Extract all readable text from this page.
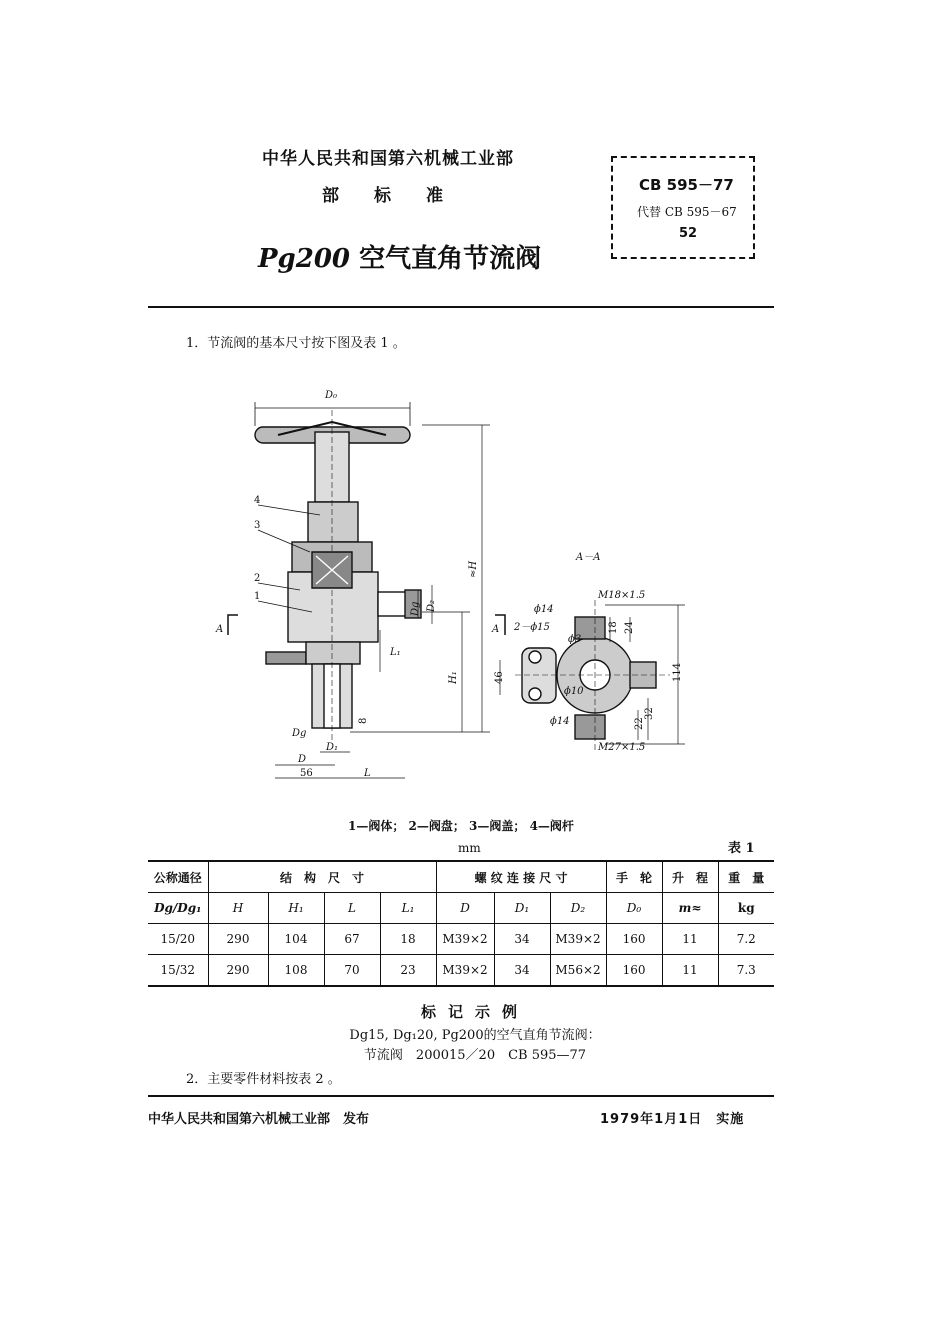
中华人民共和国第六机械工业部
部 标 准
Pg200 空气直角节流阀
CB 595－77
代替 CB 595－67
52
1．节流阀的基本尺寸按下图及表 1 。
D₀
≈H
H₁
Dg D₂
L₁
Dg
D₁
D
56	L
8
A	A
4
3
2
1
A－A
M18×1.5
ϕ14
2－ϕ15	18 24
ϕ3
46
ϕ10
114
ϕ14	22
32
M27×1.5
1—阀体； 2—阀盘； 3—阀盖； 4—阀杆
mm	表 1
公称通径	结　构　尺　寸				螺 纹 连 接 尺 寸			手　轮	升　程	重　量
Dg/Dg₁	H	H₁	L	L₁	D	D₁	D₂	D₀	m≈	kg
15/20	290	104	67	18	M39×2	34	M39×2	160	11	7.2
15/32	290	108	70	23	M39×2	34	M56×2	160	11	7.3
标记示例
Dg15, Dg₁20, Pg200的空气直角节流阀：
节流阀　200015／20　CB 595—77
2．主要零件材料按表 2 。
中华人民共和国第六机械工业部　发布	1979年1月1日　实施
